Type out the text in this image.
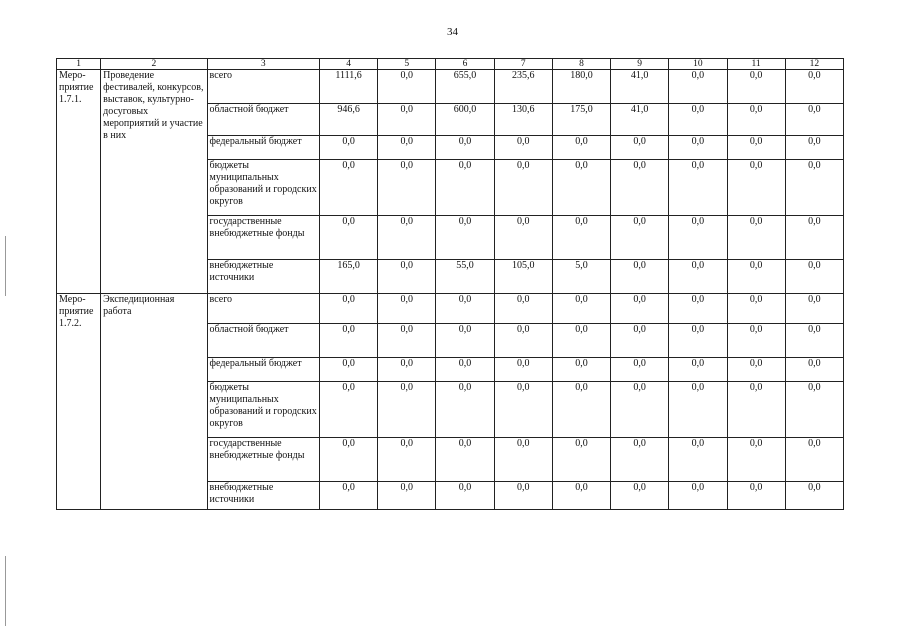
34
1	2	3	4	5	6	7	8	9	10	11	12

Меро-
приятие
1.7.1.	Проведение фестивалей, конкурсов, выставок, культурно-досуговых мероприятий и участие в них	всего	1111,6	0,0	655,0	235,6	180,0	41,0	0,0	0,0	0,0
		областной бюджет	946,6	0,0	600,0	130,6	175,0	41,0	0,0	0,0	0,0
		федеральный бюджет	0,0	0,0	0,0	0,0	0,0	0,0	0,0	0,0	0,0
		бюджеты муниципальных образований и городских округов	0,0	0,0	0,0	0,0	0,0	0,0	0,0	0,0	0,0
		государственные внебюджетные фонды	0,0	0,0	0,0	0,0	0,0	0,0	0,0	0,0	0,0
		внебюджетные источники	165,0	0,0	55,0	105,0	5,0	0,0	0,0	0,0	0,0

Меро-
приятие
1.7.2.	Экспедиционная работа	всего	0,0	0,0	0,0	0,0	0,0	0,0	0,0	0,0	0,0
		областной бюджет	0,0	0,0	0,0	0,0	0,0	0,0	0,0	0,0	0,0
		федеральный бюджет	0,0	0,0	0,0	0,0	0,0	0,0	0,0	0,0	0,0
		бюджеты муниципальных образований и городских округов	0,0	0,0	0,0	0,0	0,0	0,0	0,0	0,0	0,0
		государственные внебюджетные фонды	0,0	0,0	0,0	0,0	0,0	0,0	0,0	0,0	0,0
		внебюджетные источники	0,0	0,0	0,0	0,0	0,0	0,0	0,0	0,0	0,0
